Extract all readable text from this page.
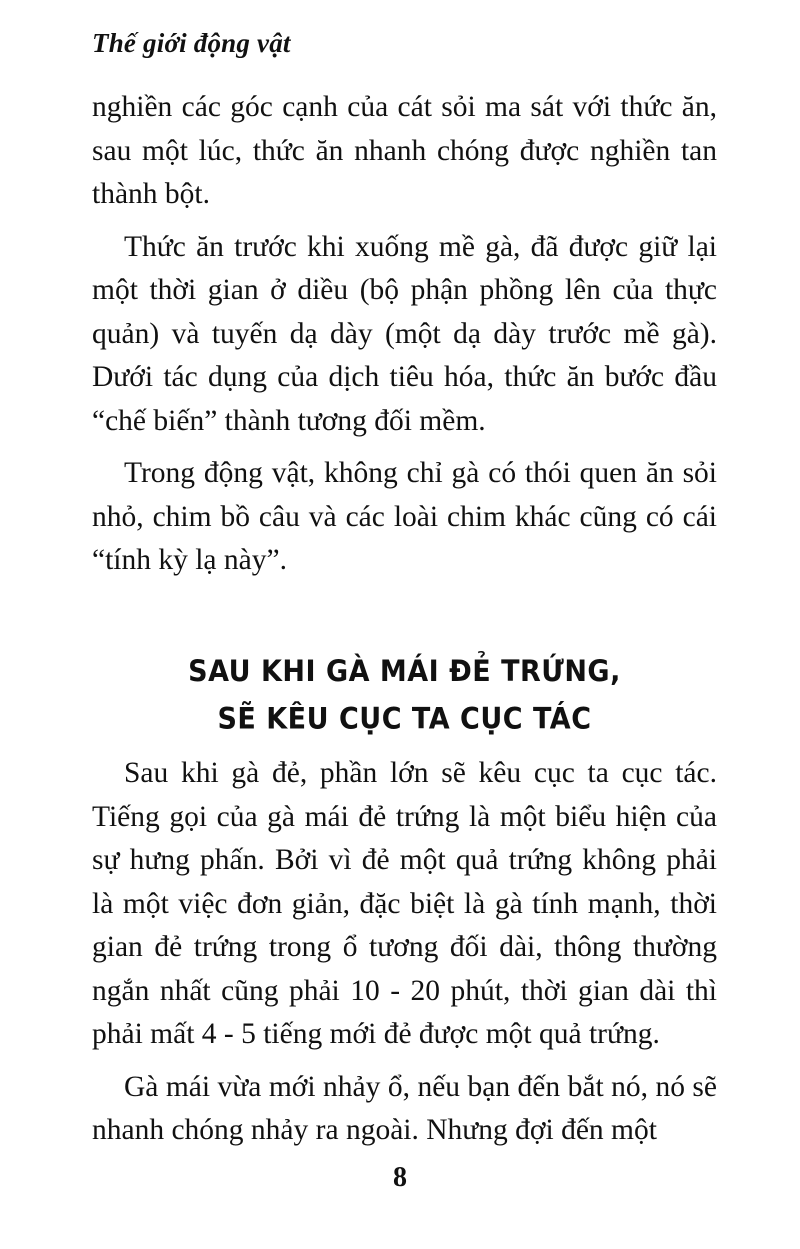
Thế giới động vật

nghiền các góc cạnh của cát sỏi ma sát với thức ăn, sau một lúc, thức ăn nhanh chóng được nghiền tan thành bột.

Thức ăn trước khi xuống mề gà, đã được giữ lại một thời gian ở diều (bộ phận phồng lên của thực quản) và tuyến dạ dày (một dạ dày trước mề gà). Dưới tác dụng của dịch tiêu hóa, thức ăn bước đầu “chế biến” thành tương đối mềm.

Trong động vật, không chỉ gà có thói quen ăn sỏi nhỏ, chim bồ câu và các loài chim khác cũng có cái “tính kỳ lạ này”.

SAU KHI GÀ MÁI ĐẺ TRỨNG,
SẼ KÊU CỤC TA CỤC TÁC

Sau khi gà đẻ, phần lớn sẽ kêu cục ta cục tác. Tiếng gọi của gà mái đẻ trứng là một biểu hiện của sự hưng phấn. Bởi vì đẻ một quả trứng không phải là một việc đơn giản, đặc biệt là gà tính mạnh, thời gian đẻ trứng trong ổ tương đối dài, thông thường ngắn nhất cũng phải 10 - 20 phút, thời gian dài thì phải mất 4 - 5 tiếng mới đẻ được một quả trứng.

Gà mái vừa mới nhảy ổ, nếu bạn đến bắt nó, nó sẽ nhanh chóng nhảy ra ngoài. Nhưng đợi đến một

8
